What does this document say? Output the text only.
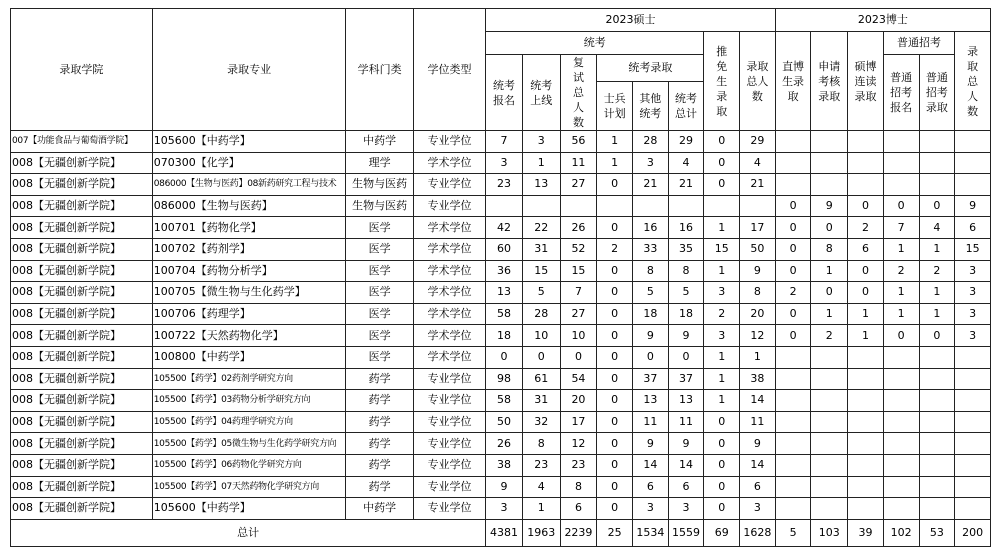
录取学院	录取专业	学科门类	学位类型	2023硕士								2023博士					
				统考						推免生录取	录取总人数	直博生录取	申请考核录取	硕博连读录取	普通招考		录取总人数
				统考报名	统考上线	复试总人数	统考录取								普通招考报名	普通招考录取	
							士兵计划	其他统考	统考总计								
007【功能食品与葡萄酒学院】	105600【中药学】	中药学	专业学位	7	3	56	1	28	29	0	29						
008【无疆创新学院】	070300【化学】	理学	学术学位	3	1	11	1	3	4	0	4						
008【无疆创新学院】	086000【生物与医药】08新药研究工程与技术	生物与医药	专业学位	23	13	27	0	21	21	0	21						
008【无疆创新学院】	086000【生物与医药】	生物与医药	专业学位									0	9	0	0	0	9
008【无疆创新学院】	100701【药物化学】	医学	学术学位	42	22	26	0	16	16	1	17	0	0	2	7	4	6
008【无疆创新学院】	100702【药剂学】	医学	学术学位	60	31	52	2	33	35	15	50	0	8	6	1	1	15
008【无疆创新学院】	100704【药物分析学】	医学	学术学位	36	15	15	0	8	8	1	9	0	1	0	2	2	3
008【无疆创新学院】	100705【微生物与生化药学】	医学	学术学位	13	5	7	0	5	5	3	8	2	0	0	1	1	3
008【无疆创新学院】	100706【药理学】	医学	学术学位	58	28	27	0	18	18	2	20	0	1	1	1	1	3
008【无疆创新学院】	100722【天然药物化学】	医学	学术学位	18	10	10	0	9	9	3	12	0	2	1	0	0	3
008【无疆创新学院】	100800【中药学】	医学	学术学位	0	0	0	0	0	0	1	1						
008【无疆创新学院】	105500【药学】02药剂学研究方向	药学	专业学位	98	61	54	0	37	37	1	38						
008【无疆创新学院】	105500【药学】03药物分析学研究方向	药学	专业学位	58	31	20	0	13	13	1	14						
008【无疆创新学院】	105500【药学】04药理学研究方向	药学	专业学位	50	32	17	0	11	11	0	11						
008【无疆创新学院】	105500【药学】05微生物与生化药学研究方向	药学	专业学位	26	8	12	0	9	9	0	9						
008【无疆创新学院】	105500【药学】06药物化学研究方向	药学	专业学位	38	23	23	0	14	14	0	14						
008【无疆创新学院】	105500【药学】07天然药物化学研究方向	药学	专业学位	9	4	8	0	6	6	0	6						
008【无疆创新学院】	105600【中药学】	中药学	专业学位	3	1	6	0	3	3	0	3						
总计				4381	1963	2239	25	1534	1559	69	1628	5	103	39	102	53	200
